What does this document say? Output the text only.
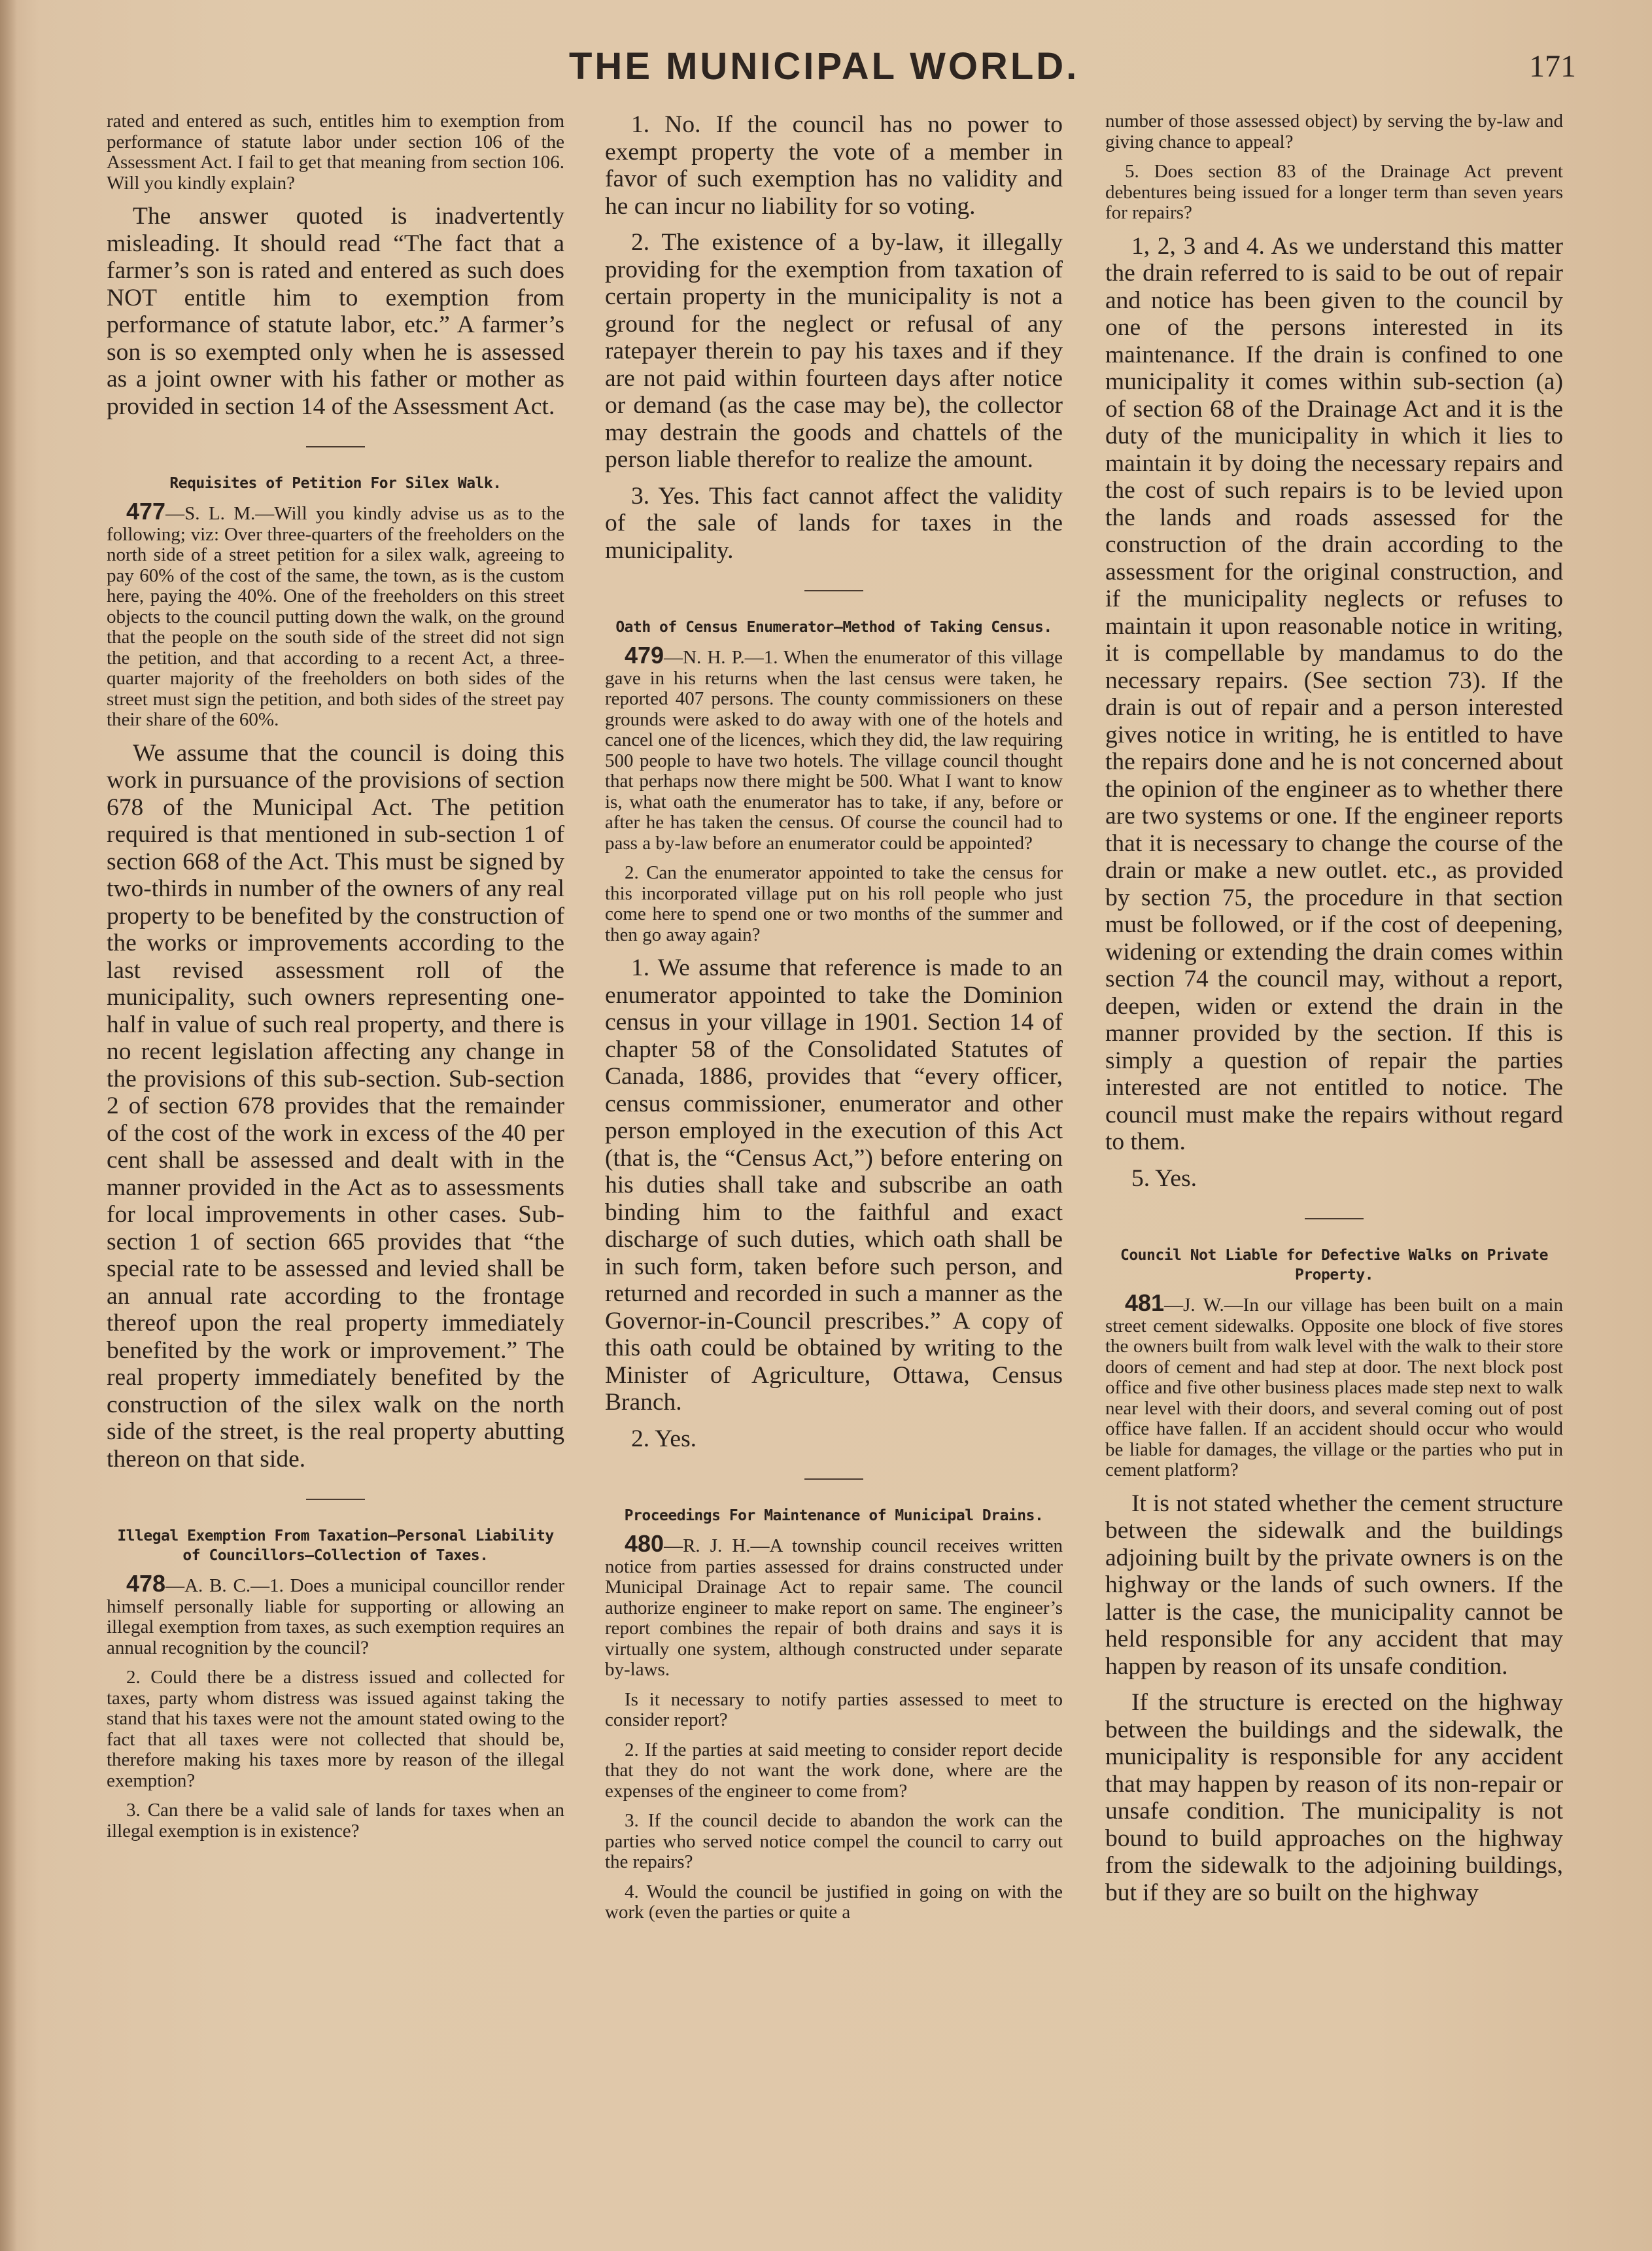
THE MUNICIPAL WORLD.	171

rated and entered as such, entitles him to exemption from performance of statute labor under section 106 of the Assessment Act. I fail to get that meaning from section 106. Will you kindly explain?

The answer quoted is inadvertently misleading. It should read “The fact that a farmer’s son is rated and entered as such does NOT entitle him to exemption from performance of statute labor, etc.” A farmer’s son is so exempted only when he is assessed as a joint owner with his father or mother as provided in section 14 of the Assessment Act.

Requisites of Petition For Silex Walk.

477—S. L. M.—Will you kindly advise us as to the following; viz: Over three-quarters of the freeholders on the north side of a street petition for a silex walk, agreeing to pay 60% of the cost of the same, the town, as is the custom here, paying the 40%. One of the freeholders on this street objects to the council putting down the walk, on the ground that the people on the south side of the street did not sign the petition, and that according to a recent Act, a three-quarter majority of the freeholders on both sides of the street must sign the petition, and both sides of the street pay their share of the 60%.

We assume that the council is doing this work in pursuance of the provisions of section 678 of the Municipal Act. The petition required is that mentioned in sub-section 1 of section 668 of the Act. This must be signed by two-thirds in number of the owners of any real property to be benefited by the construction of the works or improvements according to the last revised assessment roll of the municipality, such owners representing one-half in value of such real property, and there is no recent legislation affecting any change in the provisions of this sub-section. Sub-section 2 of section 678 provides that the remainder of the cost of the work in excess of the 40 per cent shall be assessed and dealt with in the manner provided in the Act as to assessments for local improvements in other cases. Sub-section 1 of section 665 provides that “the special rate to be assessed and levied shall be an annual rate according to the frontage thereof upon the real property immediately benefited by the work or improvement.” The real property immediately benefited by the construction of the silex walk on the north side of the street, is the real property abutting thereon on that side.

Illegal Exemption From Taxation—Personal Liability of Councillors—Collection of Taxes.

478—A. B. C.—1. Does a municipal councillor render himself personally liable for supporting or allowing an illegal exemption from taxes, as such exemption requires an annual recognition by the council?

2. Could there be a distress issued and collected for taxes, party whom distress was issued against taking the stand that his taxes were not the amount stated owing to the fact that all taxes were not collected that should be, therefore making his taxes more by reason of the illegal exemption?

3. Can there be a valid sale of lands for taxes when an illegal exemption is in existence?

1. No. If the council has no power to exempt property the vote of a member in favor of such exemption has no validity and he can incur no liability for so voting.

2. The existence of a by-law, it illegally providing for the exemption from taxation of certain property in the municipality is not a ground for the neglect or refusal of any ratepayer therein to pay his taxes and if they are not paid within fourteen days after notice or demand (as the case may be), the collector may destrain the goods and chattels of the person liable therefor to realize the amount.

3. Yes. This fact cannot affect the validity of the sale of lands for taxes in the municipality.

Oath of Census Enumerator—Method of Taking Census.

479—N. H. P.—1. When the enumerator of this village gave in his returns when the last census were taken, he reported 407 persons. The county commissioners on these grounds were asked to do away with one of the hotels and cancel one of the licences, which they did, the law requiring 500 people to have two hotels. The village council thought that perhaps now there might be 500. What I want to know is, what oath the enumerator has to take, if any, before or after he has taken the census. Of course the council had to pass a by-law before an enumerator could be appointed?

2. Can the enumerator appointed to take the census for this incorporated village put on his roll people who just come here to spend one or two months of the summer and then go away again?

1. We assume that reference is made to an enumerator appointed to take the Dominion census in your village in 1901. Section 14 of chapter 58 of the Consolidated Statutes of Canada, 1886, provides that “every officer, census commissioner, enumerator and other person employed in the execution of this Act (that is, the “Census Act,”) before entering on his duties shall take and subscribe an oath binding him to the faithful and exact discharge of such duties, which oath shall be in such form, taken before such person, and returned and recorded in such a manner as the Governor-in-Council prescribes.” A copy of this oath could be obtained by writing to the Minister of Agriculture, Ottawa, Census Branch.

2. Yes.

Proceedings For Maintenance of Municipal Drains.

480—R. J. H.—A township council receives written notice from parties assessed for drains constructed under Municipal Drainage Act to repair same. The council authorize engineer to make report on same. The engineer’s report combines the repair of both drains and says it is virtually one system, although constructed under separate by-laws.

Is it necessary to notify parties assessed to meet to consider report?

2. If the parties at said meeting to consider report decide that they do not want the work done, where are the expenses of the engineer to come from?

3. If the council decide to abandon the work can the parties who served notice compel the council to carry out the repairs?

4. Would the council be justified in going on with the work (even the parties or quite a

number of those assessed object) by serving the by-law and giving chance to appeal?

5. Does section 83 of the Drainage Act prevent debentures being issued for a longer term than seven years for repairs?

1, 2, 3 and 4. As we understand this matter the drain referred to is said to be out of repair and notice has been given to the council by one of the persons interested in its maintenance. If the drain is confined to one municipality it comes within sub-section (a) of section 68 of the Drainage Act and it is the duty of the municipality in which it lies to maintain it by doing the necessary repairs and the cost of such repairs is to be levied upon the lands and roads assessed for the construction of the drain according to the assessment for the original construction, and if the municipality neglects or refuses to maintain it upon reasonable notice in writing, it is compellable by mandamus to do the necessary repairs. (See section 73). If the drain is out of repair and a person interested gives notice in writing, he is entitled to have the repairs done and he is not concerned about the opinion of the engineer as to whether there are two systems or one. If the engineer reports that it is necessary to change the course of the drain or make a new outlet. etc., as provided by section 75, the procedure in that section must be followed, or if the cost of deepening, widening or extending the drain comes within section 74 the council may, without a report, deepen, widen or extend the drain in the manner provided by the section. If this is simply a question of repair the parties interested are not entitled to notice. The council must make the repairs without regard to them.

5. Yes.

Council Not Liable for Defective Walks on Private Property.

481—J. W.—In our village has been built on a main street cement sidewalks. Opposite one block of five stores the owners built from walk level with the walk to their store doors of cement and had step at door. The next block post office and five other business places made step next to walk near level with their doors, and several coming out of post office have fallen. If an accident should occur who would be liable for damages, the village or the parties who put in cement platform?

It is not stated whether the cement structure between the sidewalk and the buildings adjoining built by the private owners is on the highway or the lands of such owners. If the latter is the case, the municipality cannot be held responsible for any accident that may happen by reason of its unsafe condition.

If the structure is erected on the highway between the buildings and the sidewalk, the municipality is responsible for any accident that may happen by reason of its non-repair or unsafe condition. The municipality is not bound to build approaches on the highway from the sidewalk to the adjoining buildings, but if they are so built on the highway
